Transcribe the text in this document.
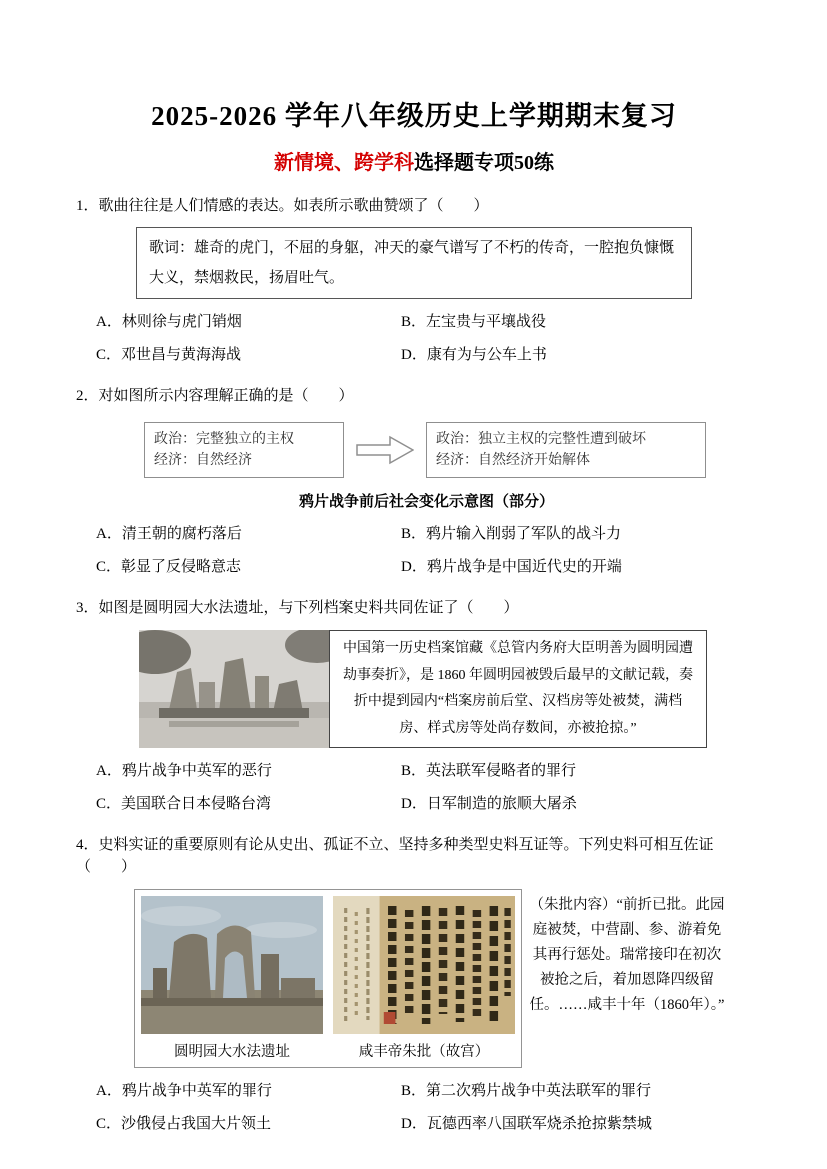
2025-2026 学年八年级历史上学期期末复习
新情境、跨学科选择题专项50练

1．歌曲往往是人们情感的表达。如表所示歌曲赞颂了（　　）

歌词：雄奇的虎门，不屈的身躯，冲天的豪气谱写了不朽的传奇，一腔抱负慷慨大义，禁烟救民，扬眉吐气。
A．林则徐与虎门销烟	B．左宝贵与平壤战役
C．邓世昌与黄海海战	D．康有为与公车上书

2．对如图所示内容理解正确的是（　　）

政治：完整独立的主权
经济：自然经济
政治：独立主权的完整性遭到破坏
经济：自然经济开始解体
鸦片战争前后社会变化示意图（部分）
A．清王朝的腐朽落后	B．鸦片输入削弱了军队的战斗力
C．彰显了反侵略意志	D．鸦片战争是中国近代史的开端

3．如图是圆明园大水法遗址，与下列档案史料共同佐证了（　　）

中国第一历史档案馆藏《总管内务府大臣明善为圆明园遭劫事奏折》，是 1860 年圆明园被毁后最早的文献记载，奏折中提到园内“档案房前后堂、汉档房等处被焚，满档房、样式房等处尚存数间，亦被抢掠。”
A．鸦片战争中英军的恶行	B．英法联军侵略者的罪行
C．美国联合日本侵略台湾	D．日军制造的旅顺大屠杀

4．史料实证的重要原则有论从史出、孤证不立、坚持多种类型史料互证等。下列史料可相互佐证（　　）

圆明园大水法遗址	咸丰帝朱批（故宫）
（朱批内容）“前折已批。此园庭被焚，中营副、参、游着免其再行惩处。瑞常接印在初次被抢之后，着加恩降四级留任。……咸丰十年（1860年）。”
A．鸦片战争中英军的罪行	B．第二次鸦片战争中英法联军的罪行
C．沙俄侵占我国大片领土	D．瓦德西率八国联军烧杀抢掠紫禁城
